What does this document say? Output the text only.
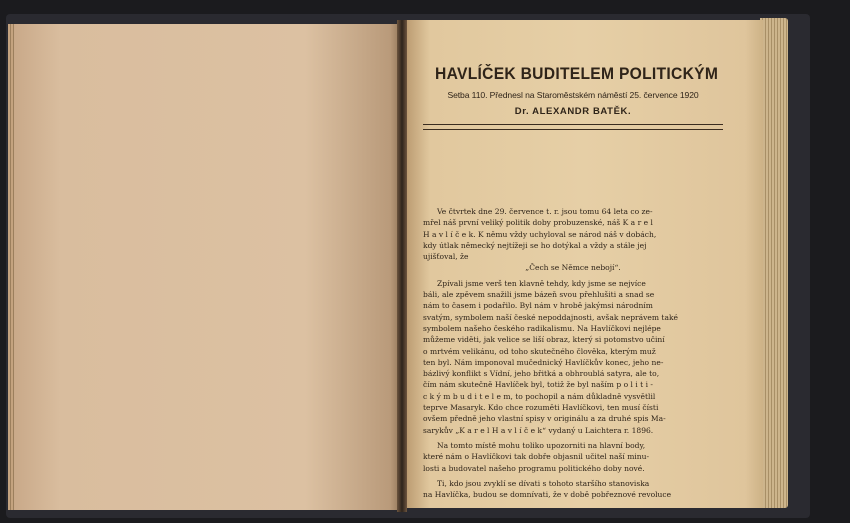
HAVLÍČEK BUDITELEM POLITICKÝM
Setba 110. Přednesl na Staroměstském náměstí 25. července 1920
Dr. ALEXANDR BATĚK.
Ve čtvrtek dne 29. července t. r. jsou tomu 64 leta co ze-
mřel náš první veliký politik doby probuzenské, náš K a r e l
H a v l í č e k. K němu vždy uchyloval se národ náš v dobách,
kdy útlak německý nejtížeji se ho dotýkal a vždy a stále jej
ujišťoval, že
„Čech se Němce nebojí“.
Zpívali jsme verš ten klavně tehdy, kdy jsme se nejvíce
báli, ale zpěvem snažili jsme bázeň svou přehlušiti a snad se
nám to časem i podařilo. Byl nám v hrobě jakýmsi národním
svatým, symbolem naší české nepoddajnosti, avšak neprávem také
symbolem našeho českého radikalismu. Na Havlíčkovi nejlépe
můžeme viděti, jak velice se liší obraz, který si potomstvo učiní
o mrtvém velikánu, od toho skutečného člověka, kterým muž
ten byl. Nám imponoval mučednický Havlíčkův konec, jeho ne-
bázlivý konflikt s Vídní, jeho břitká a obhroublá satyra, ale to,
čím nám skutečně Havlíček byl, totiž že byl naším p o l i t i -
c k ý m b u d i t e l e m, to pochopil a nám důkladně vysvětlil
teprve Masaryk. Kdo chce rozuměti Havlíčkovi, ten musí čísti
ovšem předně jeho vlastní spisy v originálu a za druhé spis Ma-
sarykův „K a r e l H a v l í č e k“ vydaný u Laichtera r. 1896.
Na tomto místě mohu toliko upozorniti na hlavní body,
které nám o Havlíčkovi tak dobře objasnil učitel naší minu-
losti a budovatel našeho programu politického doby nové.
Ti, kdo jsou zvyklí se dívati s tohoto staršího stanoviska
na Havlíčka, budou se domnívati, že v době pobřeznové revoluce
